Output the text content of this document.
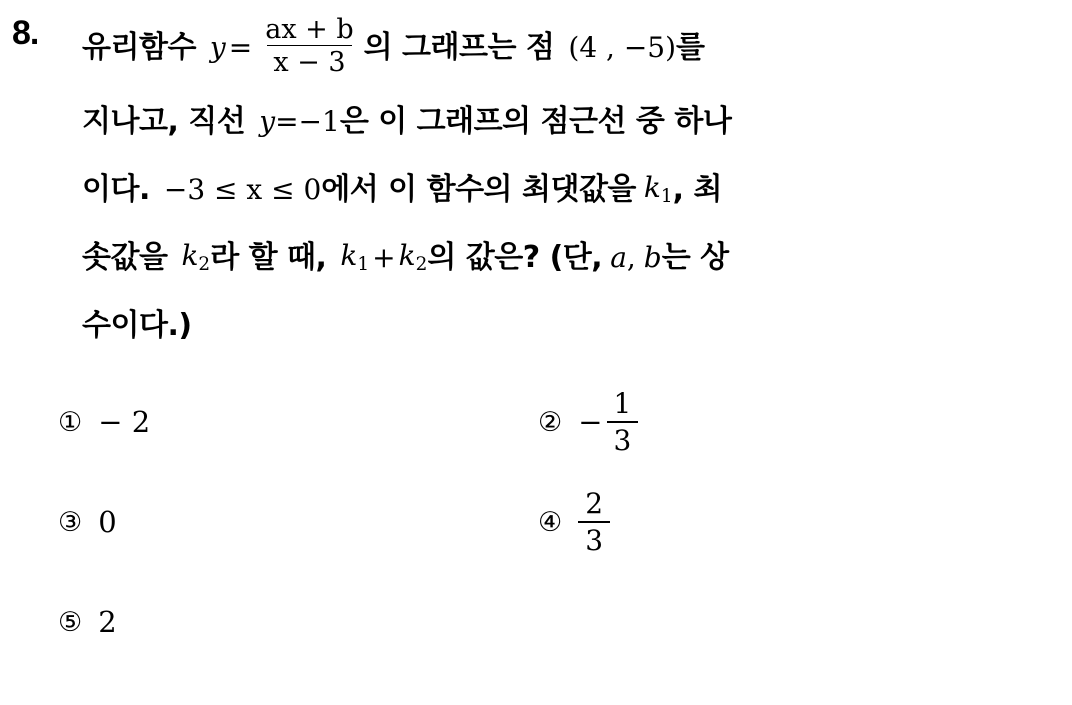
8. 유리함수 $y = \frac{ax + b}{x - 3}$ 의 그래프는 점 (4 , −5) 를
지나고, 직선 y =−1 은 이 그래프의 점근선 중 하나
이다. −3 ≤ x ≤ 0 에서 이 함수의 최댓값을 $k_1$ , 최
솟값을 $k_2$ 라 할 때, $k_1 + k_2$ 의 값은? (단, a , b 는 상
수이다.)
① − 2	② − $\frac{1}{3}$
③ 0	④ $\frac{2}{3}$
⑤ 2
